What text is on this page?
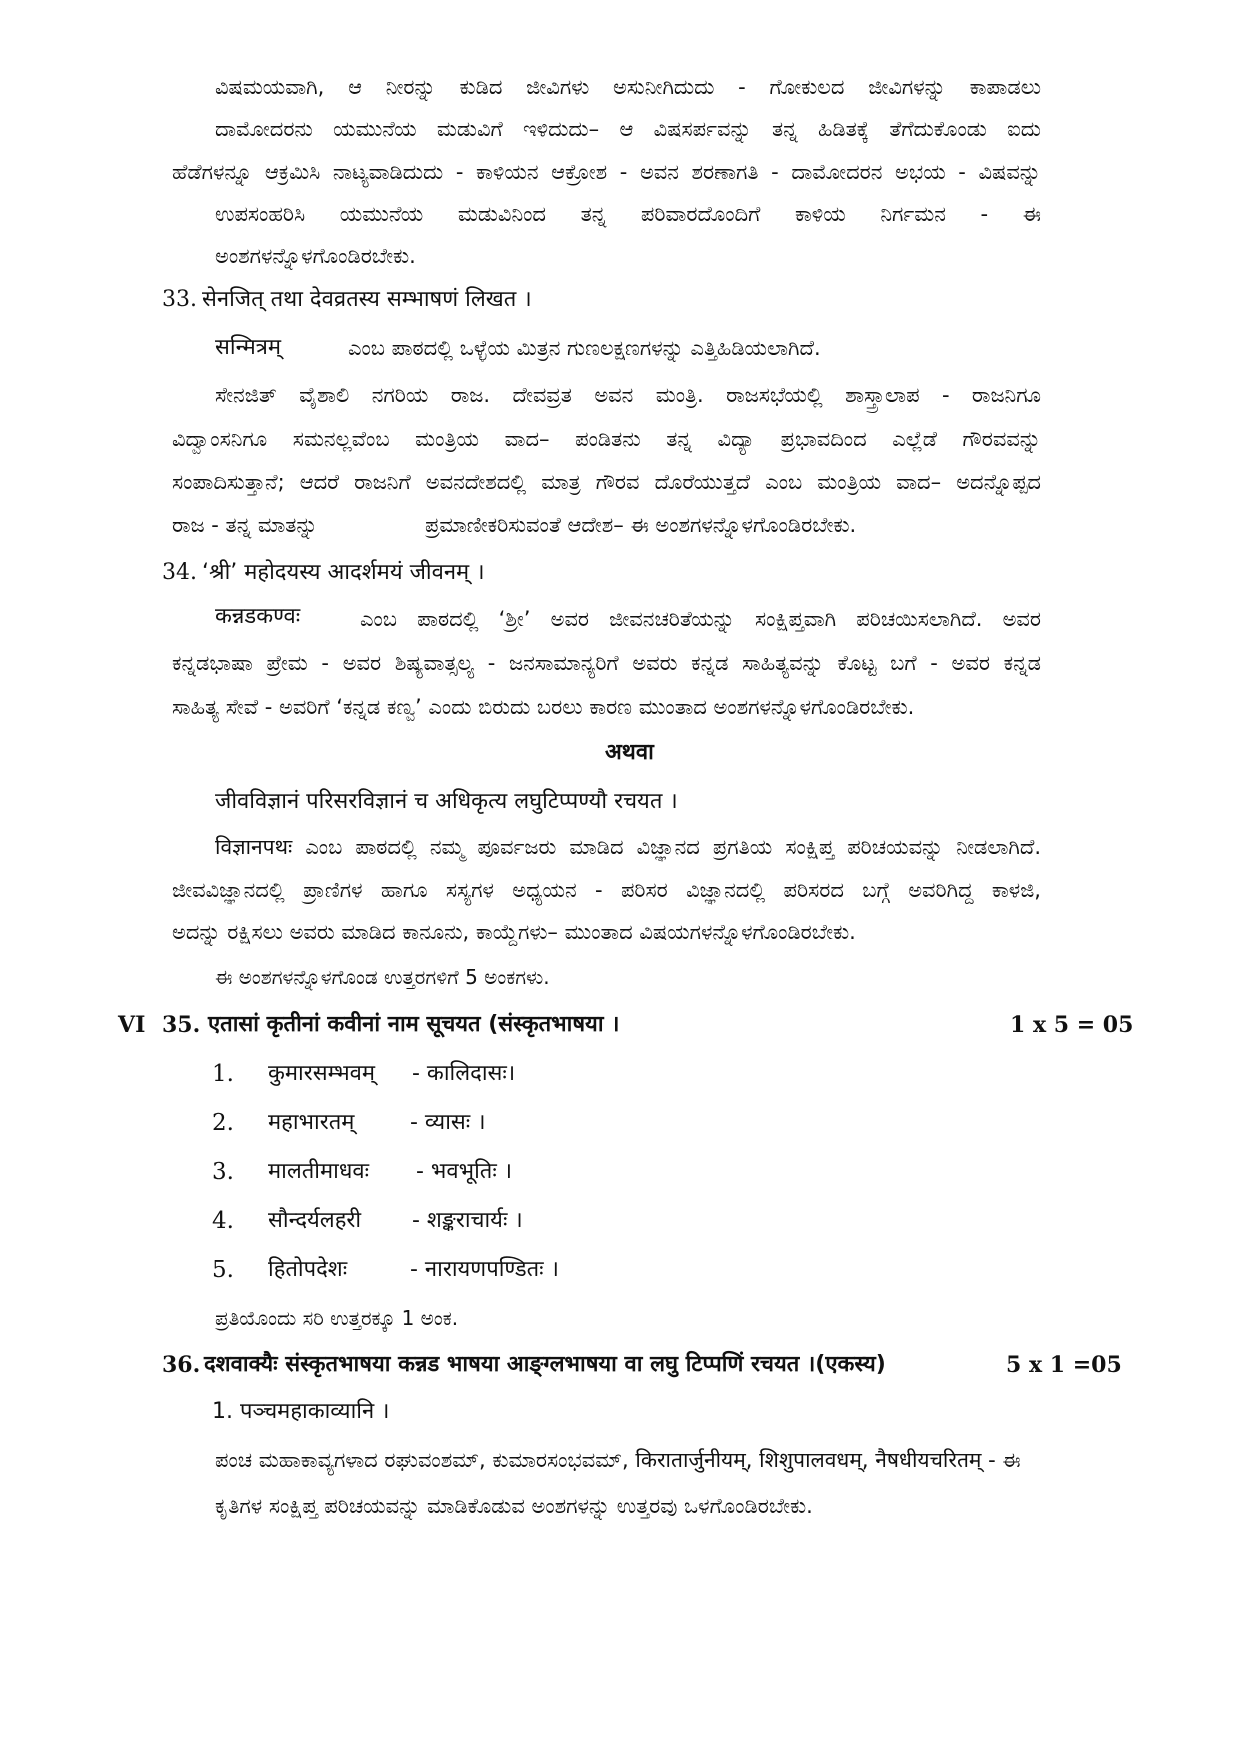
ವಿಷಮಯವಾಗಿ, ಆ ನೀರನ್ನು ಕುಡಿದ ಜೀವಿಗಳು ಅಸುನೀಗಿದುದು - ಗೋಕುಲದ ಜೀವಿಗಳನ್ನು ಕಾಪಾಡಲು
ದಾಮೋದರನು ಯಮುನೆಯ ಮಡುವಿಗೆ ಇಳಿದುದು– ಆ ವಿಷಸರ್ಪವನ್ನು ತನ್ನ ಹಿಡಿತಕ್ಕೆ ತೆಗೆದುಕೊಂಡು ಐದು
ಹೆಡೆಗಳನ್ನೂ ಆಕ್ರಮಿಸಿ ನಾಟ್ಯವಾಡಿದುದು - ಕಾಳಿಯನ ಆಕ್ರೋಶ - ಅವನ ಶರಣಾಗತಿ - ದಾಮೋದರನ ಅಭಯ - ವಿಷವನ್ನು
ಉಪಸಂಹರಿಸಿ ಯಮುನೆಯ ಮಡುವಿನಿಂದ ತನ್ನ ಪರಿವಾರದೊಂದಿಗೆ ಕಾಳಿಯ ನಿರ್ಗಮನ - ಈ
ಅಂಶಗಳನ್ನೊಳಗೊಂಡಿರಬೇಕು.
33. सेनजित् तथा देवव्रतस्य सम्भाषणं लिखत ।
सन्मित्रम्	ಎಂಬ ಪಾಠದಲ್ಲಿ ಒಳ್ಳೆಯ ಮಿತ್ರನ ಗುಣಲಕ್ಷಣಗಳನ್ನು ಎತ್ತಿಹಿಡಿಯಲಾಗಿದೆ.
ಸೇನಜಿತ್ ವೈಶಾಲಿ ನಗರಿಯ ರಾಜ. ದೇವವ್ರತ ಅವನ ಮಂತ್ರಿ. ರಾಜಸಭೆಯಲ್ಲಿ ಶಾಸ್ತ್ರಾಲಾಪ - ರಾಜನಿಗೂ
ವಿದ್ವಾಂಸನಿಗೂ ಸಮನಲ್ಲವೆಂಬ ಮಂತ್ರಿಯ ವಾದ– ಪಂಡಿತನು ತನ್ನ ವಿದ್ಯಾ ಪ್ರಭಾವದಿಂದ ಎಲ್ಲೆಡೆ ಗೌರವವನ್ನು
ಸಂಪಾದಿಸುತ್ತಾನೆ; ಆದರೆ ರಾಜನಿಗೆ ಅವನದೇಶದಲ್ಲಿ ಮಾತ್ರ ಗೌರವ ದೊರೆಯುತ್ತದೆ ಎಂಬ ಮಂತ್ರಿಯ ವಾದ– ಅದನ್ನೊಪ್ಪದ
ರಾಜ - ತನ್ನ ಮಾತನ್ನು	ಪ್ರಮಾಣೀಕರಿಸುವಂತೆ ಆದೇಶ– ಈ ಅಂಶಗಳನ್ನೊಳಗೊಂಡಿರಬೇಕು.
34. ‘श्री’ महोदयस्य आदर्शमयं जीवनम् ।
कन्नडकण्वः	ಎಂಬ ಪಾಠದಲ್ಲಿ ‘ಶ್ರೀ’ ಅವರ ಜೀವನಚರಿತೆಯನ್ನು ಸಂಕ್ಷಿಪ್ತವಾಗಿ ಪರಿಚಯಿಸಲಾಗಿದೆ. ಅವರ
ಕನ್ನಡಭಾಷಾ ಪ್ರೇಮ - ಅವರ ಶಿಷ್ಯವಾತ್ಸಲ್ಯ - ಜನಸಾಮಾನ್ಯರಿಗೆ ಅವರು ಕನ್ನಡ ಸಾಹಿತ್ಯವನ್ನು ಕೊಟ್ಟ ಬಗೆ - ಅವರ ಕನ್ನಡ
ಸಾಹಿತ್ಯ ಸೇವೆ - ಅವರಿಗೆ ‘ಕನ್ನಡ ಕಣ್ವ’ ಎಂದು ಬಿರುದು ಬರಲು ಕಾರಣ ಮುಂತಾದ ಅಂಶಗಳನ್ನೊಳಗೊಂಡಿರಬೇಕು.
अथवा
जीवविज्ञानं परिसरविज्ञानं च अधिकृत्य लघुटिप्पण्यौ रचयत ।
विज्ञानपथः ಎಂಬ ಪಾಠದಲ್ಲಿ ನಮ್ಮ ಪೂರ್ವಜರು ಮಾಡಿದ ವಿಜ್ಞಾನದ ಪ್ರಗತಿಯ ಸಂಕ್ಷಿಪ್ತ ಪರಿಚಯವನ್ನು ನೀಡಲಾಗಿದೆ.
ಜೀವವಿಜ್ಞಾನದಲ್ಲಿ ಪ್ರಾಣಿಗಳ ಹಾಗೂ ಸಸ್ಯಗಳ ಅಧ್ಯಯನ - ಪರಿಸರ ವಿಜ್ಞಾನದಲ್ಲಿ ಪರಿಸರದ ಬಗ್ಗೆ ಅವರಿಗಿದ್ದ ಕಾಳಜಿ,
ಅದನ್ನು ರಕ್ಷಿಸಲು ಅವರು ಮಾಡಿದ ಕಾನೂನು, ಕಾಯ್ದೆಗಳು– ಮುಂತಾದ ವಿಷಯಗಳನ್ನೊಳಗೊಂಡಿರಬೇಕು.
ಈ ಅಂಶಗಳನ್ನೊಳಗೊಂಡ ಉತ್ತರಗಳಿಗೆ 5 ಅಂಕಗಳು.
VI 35. एतासां कृतीनां कवीनां नाम सूचयत (संस्कृतभाषया ।	1 x 5 = 05
1. कुमारसम्भवम् - कालिदासः।
2. महाभारतम्	- व्यासः ।
3. मालतीमाधवः - भवभूतिः ।
4. सौन्दर्यलहरी - शङ्कराचार्यः ।
5. हितोपदेशः	- नारायणपण्डितः ।
ಪ್ರತಿಯೊಂದು ಸರಿ ಉತ್ತರಕ್ಕೂ 1 ಅಂಕ.
36. दशवाक्यैः संस्कृतभाषया कन्नड भाषया आङ्ग्लभाषया वा लघु टिप्पणिं रचयत ।(एकस्य)	5 x 1 =05
1. पञ्चमहाकाव्यानि ।
ಪಂಚ ಮಹಾಕಾವ್ಯಗಳಾದ ರಘುವಂಶಮ್, ಕುಮಾರಸಂಭವಮ್, किरातार्जुनीयम्, शिशुपालवधम्, नैषधीयचरितम् - ಈ
ಕೃತಿಗಳ ಸಂಕ್ಷಿಪ್ತ ಪರಿಚಯವನ್ನು ಮಾಡಿಕೊಡುವ ಅಂಶಗಳನ್ನು ಉತ್ತರವು ಒಳಗೊಂಡಿರಬೇಕು.
